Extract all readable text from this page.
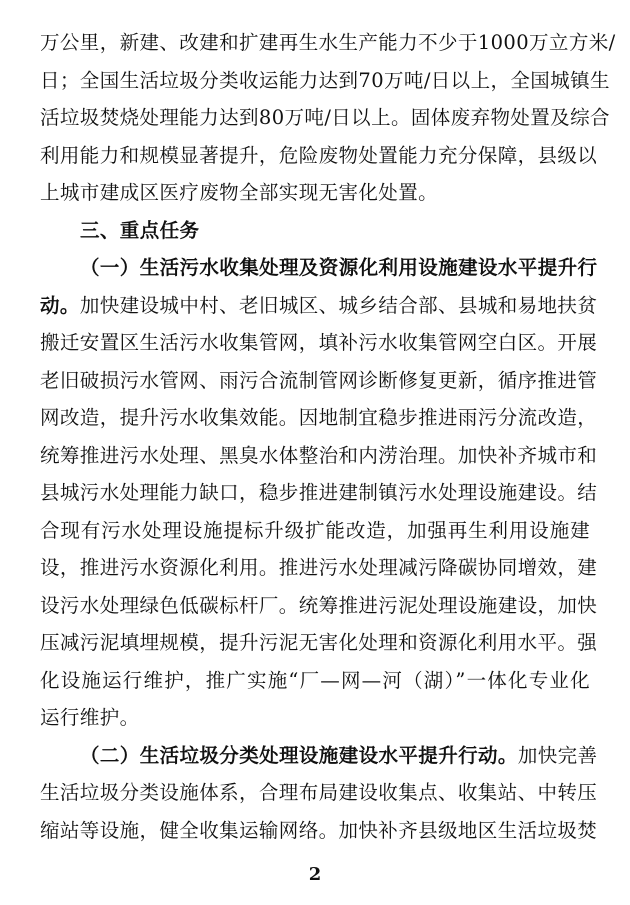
万公里，新建、改建和扩建再生水生产能力不少于1000万立方米/
日；全国生活垃圾分类收运能力达到70万吨/日以上，全国城镇生
活垃圾焚烧处理能力达到80万吨/日以上。固体废弃物处置及综合
利用能力和规模显著提升，危险废物处置能力充分保障，县级以
上城市建成区医疗废物全部实现无害化处置。
三、重点任务
（一）生活污水收集处理及资源化利用设施建设水平提升行
动。加快建设城中村、老旧城区、城乡结合部、县城和易地扶贫
搬迁安置区生活污水收集管网，填补污水收集管网空白区。开展
老旧破损污水管网、雨污合流制管网诊断修复更新，循序推进管
网改造，提升污水收集效能。因地制宜稳步推进雨污分流改造，
统筹推进污水处理、黑臭水体整治和内涝治理。加快补齐城市和
县城污水处理能力缺口，稳步推进建制镇污水处理设施建设。结
合现有污水处理设施提标升级扩能改造，加强再生利用设施建
设，推进污水资源化利用。推进污水处理减污降碳协同增效，建
设污水处理绿色低碳标杆厂。统筹推进污泥处理设施建设，加快
压减污泥填埋规模，提升污泥无害化处理和资源化利用水平。强
化设施运行维护，推广实施“厂—网—河（湖）”一体化专业化
运行维护。
（二）生活垃圾分类处理设施建设水平提升行动。加快完善
生活垃圾分类设施体系，合理布局建设收集点、收集站、中转压
缩站等设施，健全收集运输网络。加快补齐县级地区生活垃圾焚
2
